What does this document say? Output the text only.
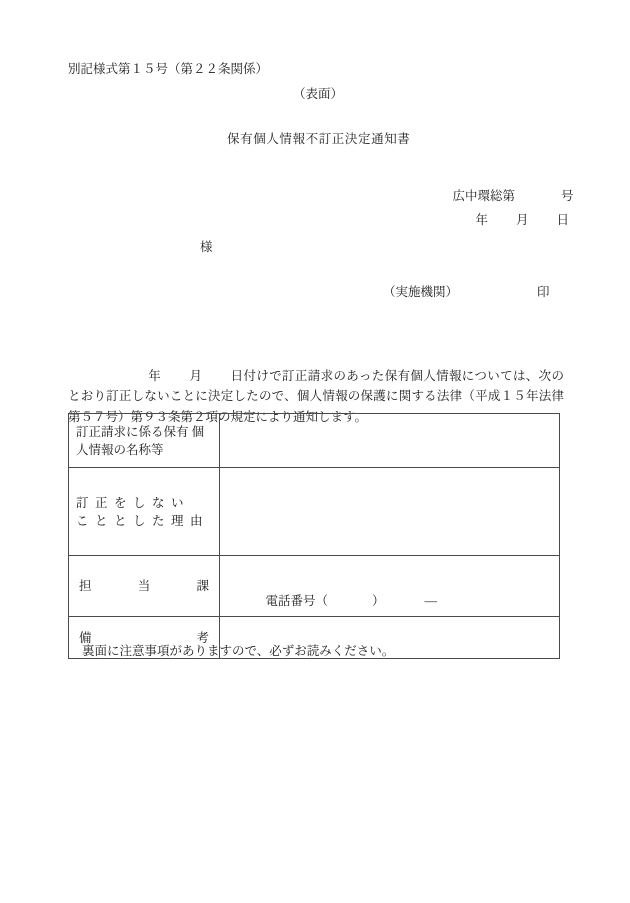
別記様式第１５号（第２２条関係）
（表面）
保有個人情報不訂正決定通知書

広中環総第	号

年 月 日

様
（実施機関）	印

年 月 日付けで訂正請求のあった保有個人情報については、次のとおり訂正しないことに決定したので、個人情報の保護に関する法律（平成１５年法律第５７号）第９３条第２項の規定により通知します。

訂正請求に係る保有 個人情報の名称等	

訂正をしない
こととした理由	

担 当 課	電話番号（ ） ―

備 考	

裏面に注意事項がありますので、必ずお読みください。
